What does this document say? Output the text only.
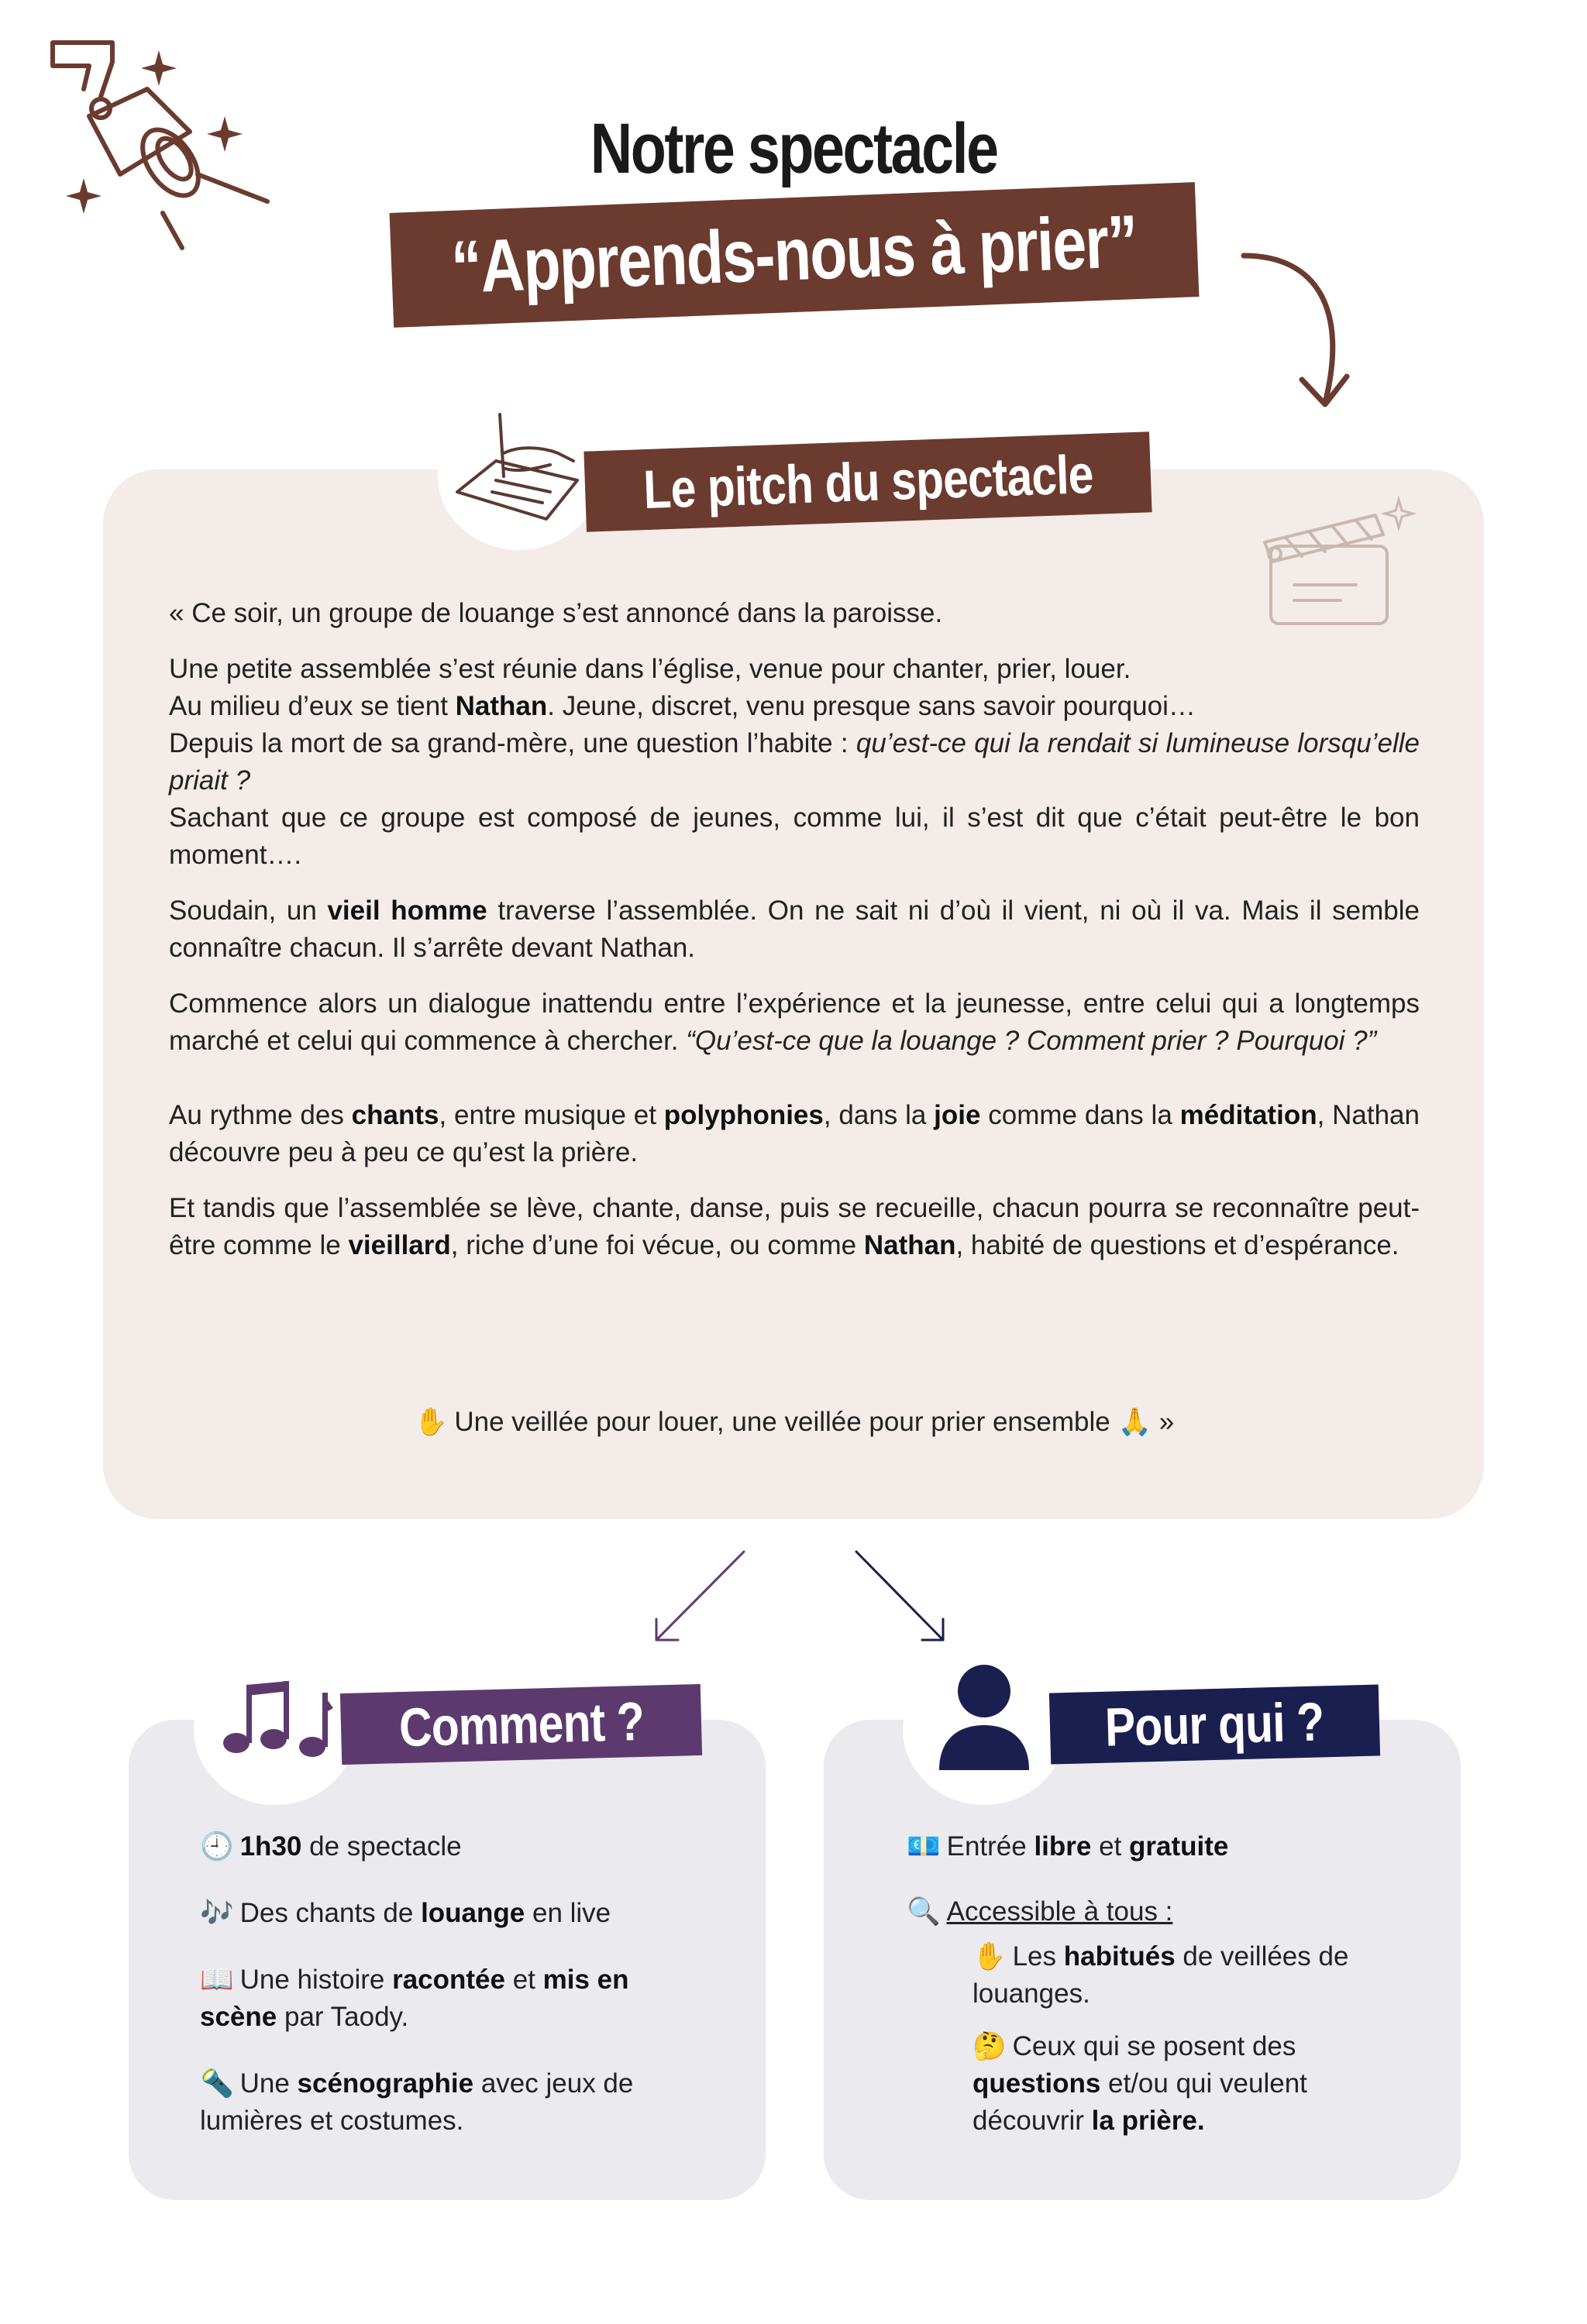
Notre spectacle
“Apprends-nous à prier”
Le pitch du spectacle

« Ce soir, un groupe de louange s’est annoncé dans la paroisse.

Une petite assemblée s’est réunie dans l’église, venue pour chanter, prier, louer.
Au milieu d’eux se tient Nathan. Jeune, discret, venu presque sans savoir pourquoi…

Depuis la mort de sa grand-mère, une question l’habite : qu’est-ce qui la rendait si lumineuse lorsqu’elle priait ?
Sachant que ce groupe est composé de jeunes, comme lui, il s’est dit que c’était peut-être le bon moment….

Soudain, un vieil homme traverse l’assemblée. On ne sait ni d’où il vient, ni où il va. Mais il semble connaître chacun. Il s’arrête devant Nathan.

Commence alors un dialogue inattendu entre l’expérience et la jeunesse, entre celui qui a longtemps marché et celui qui commence à chercher. “Qu’est-ce que la louange ? Comment prier ? Pourquoi ?”

Au rythme des chants, entre musique et polyphonies, dans la joie comme dans la méditation, Nathan découvre peu à peu ce qu’est la prière.

Et tandis que l’assemblée se lève, chante, danse, puis se recueille, chacun pourra se reconnaître peut-être comme le vieillard, riche d’une foi vécue, ou comme Nathan, habité de questions et d’espérance.

✋ Une veillée pour louer, une veillée pour prier ensemble 🙏 »
Comment ?
🕘 1h30 de spectacle
🎶 Des chants de louange en live
📖 Une histoire racontée et mis en scène par Taody.
🔦 Une scénographie avec jeux de lumières et costumes.
Pour qui ?
💶 Entrée libre et gratuite
🔍 Accessible à tous :
✋ Les habitués de veillées de louanges.
🤔 Ceux qui se posent des questions et/ou qui veulent découvrir la prière.
